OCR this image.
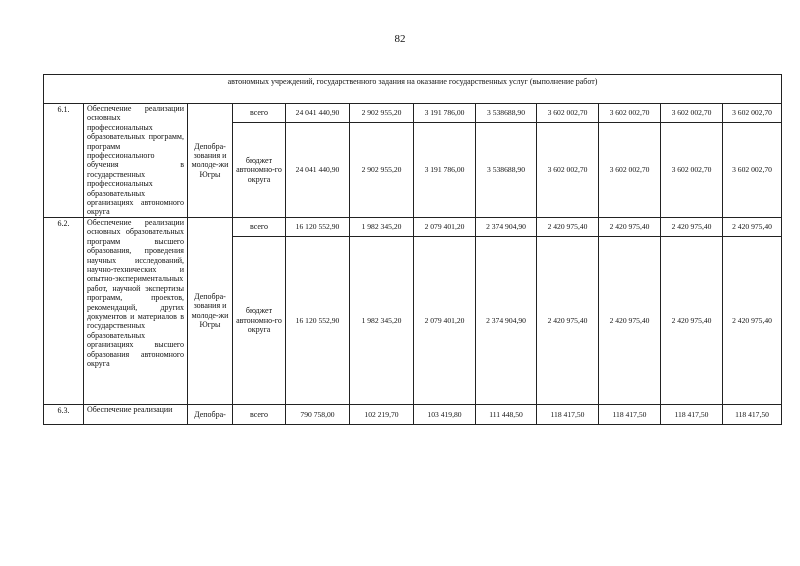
82
автономных учреждений, государственного задания на оказание государственных услуг (выполнение работ)											
6.1.	Обеспечение реализации основных профессиональных образовательных программ, программ профессионального обучения в государственных профессиональных образовательных организациях автономного округа	Депобра-зования и молоде-жи Югры	всего	24 041 440,90	2 902 955,20	3 191 786,00	3 538688,90	3 602 002,70	3 602 002,70	3 602 002,70	3 602 002,70
			бюджет автономно-го округа	24 041 440,90	2 902 955,20	3 191 786,00	3 538688,90	3 602 002,70	3 602 002,70	3 602 002,70	3 602 002,70
6.2.	Обеспечение реализации основных образовательных программ высшего образования, проведения научных исследований, научно-технических и опытно-экспериментальных работ, научной экспертизы программ, проектов, рекомендаций, других документов и материалов в государственных образовательных организациях высшего образования автономного округа	Депобра-зования и молоде-жи Югры	всего	16 120 552,90	1 982 345,20	2 079 401,20	2 374 904,90	2 420 975,40	2 420 975,40	2 420 975,40	2 420 975,40
			бюджет автономно-го округа	16 120 552,90	1 982 345,20	2 079 401,20	2 374 904,90	2 420 975,40	2 420 975,40	2 420 975,40	2 420 975,40
6.3.	Обеспечение реализации	Депобра-	всего	790 758,00	102 219,70	103 419,80	111 448,50	118 417,50	118 417,50	118 417,50	118 417,50
